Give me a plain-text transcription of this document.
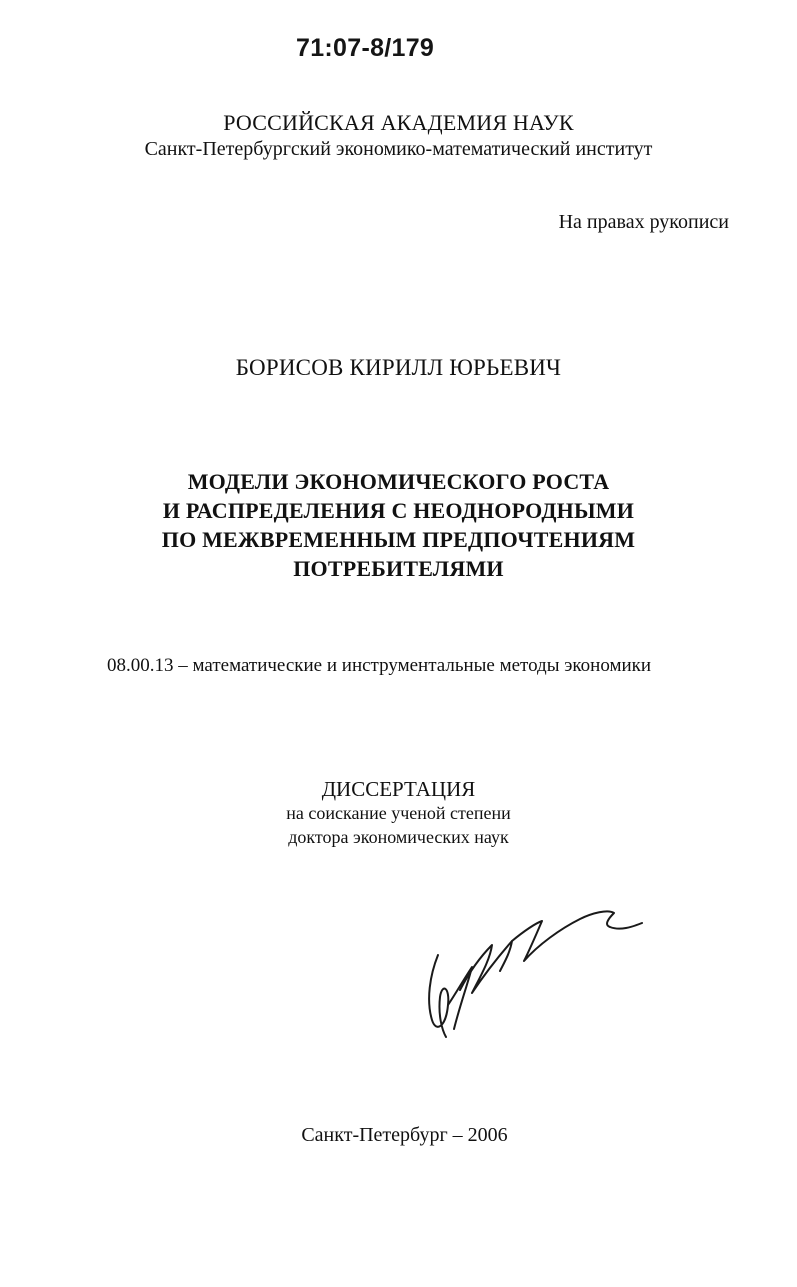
71:07-8/179
РОССИЙСКАЯ АКАДЕМИЯ НАУК
Санкт-Петербургский экономико-математический институт
На правах рукописи
БОРИСОВ КИРИЛЛ ЮРЬЕВИЧ
МОДЕЛИ ЭКОНОМИЧЕСКОГО РОСТА
И РАСПРЕДЕЛЕНИЯ С НЕОДНОРОДНЫМИ
ПО МЕЖВРЕМЕННЫМ ПРЕДПОЧТЕНИЯМ
ПОТРЕБИТЕЛЯМИ
08.00.13 – математические и инструментальные методы экономики
ДИССЕРТАЦИЯ
на соискание ученой степени
доктора экономических наук
Санкт-Петербург – 2006
